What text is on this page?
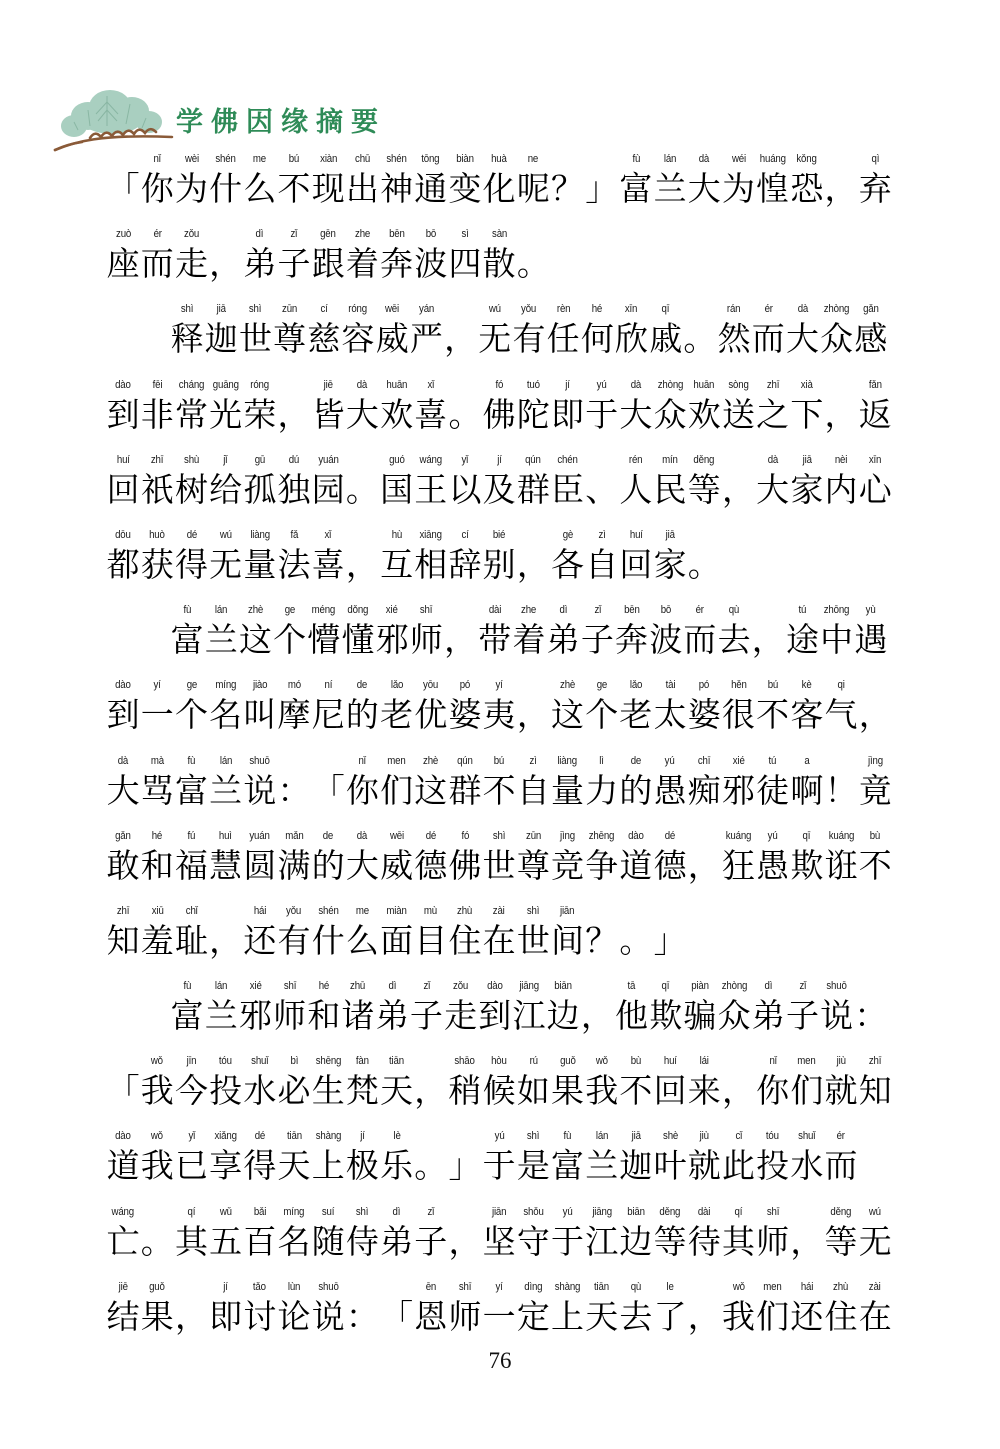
学佛因缘摘要

「
nǐ
你
wèi
为
shén
什
me
么
bú
不
xiàn
现
chū
出
shén
神
tōng
通
biàn
变
huà
化
ne
呢
？
」
fù
富
lán
兰
dà
大
wéi
为
huáng
惶
kǒng
恐
，
qì
弃
zuò
座
ér
而
zǒu
走
，
dì
弟
zǐ
子
gēn
跟
zhe
着
bēn
奔
bō
波
sì
四
sàn
散
。
shì
释
jiā
迦
shì
世
zūn
尊
cí
慈
róng
容
wēi
威
yán
严
，
wú
无
yǒu
有
rèn
任
hé
何
xīn
欣
qī
戚
。
rán
然
ér
而
dà
大
zhòng
众
gǎn
感
dào
到
fēi
非
cháng
常
guāng
光
róng
荣
，
jiē
皆
dà
大
huān
欢
xǐ
喜
。
fó
佛
tuó
陀
jí
即
yú
于
dà
大
zhòng
众
huān
欢
sòng
送
zhī
之
xià
下
，
fǎn
返
huí
回
zhī
祇
shù
树
jǐ
给
gū
孤
dú
独
yuán
园
。
guó
国
wáng
王
yǐ
以
jí
及
qún
群
chén
臣
、
rén
人
mín
民
děng
等
，
dà
大
jiā
家
nèi
内
xīn
心
dōu
都
huò
获
dé
得
wú
无
liàng
量
fǎ
法
xǐ
喜
，
hù
互
xiāng
相
cí
辞
bié
别
，
gè
各
zì
自
huí
回
jiā
家
。
fù
富
lán
兰
zhè
这
ge
个
méng
懵
dǒng
懂
xié
邪
shī
师
，
dài
带
zhe
着
dì
弟
zǐ
子
bēn
奔
bō
波
ér
而
qù
去
，
tú
途
zhōng
中
yù
遇
dào
到
yí
一
ge
个
míng
名
jiào
叫
mó
摩
ní
尼
de
的
lǎo
老
yōu
优
pó
婆
yí
夷
，
zhè
这
ge
个
lǎo
老
tài
太
pó
婆
hěn
很
bú
不
kè
客
qi
气
，
dà
大
mà
骂
fù
富
lán
兰
shuō
说
：
「
nǐ
你
men
们
zhè
这
qún
群
bú
不
zì
自
liàng
量
lì
力
de
的
yú
愚
chī
痴
xié
邪
tú
徒
a
啊
！
jìng
竟
gǎn
敢
hé
和
fú
福
huì
慧
yuán
圆
mǎn
满
de
的
dà
大
wēi
威
dé
德
fó
佛
shì
世
zūn
尊
jìng
竞
zhēng
争
dào
道
dé
德
，
kuáng
狂
yú
愚
qī
欺
kuáng
诳
bù
不
zhī
知
xiū
羞
chǐ
耻
，
hái
还
yǒu
有
shén
什
me
么
miàn
面
mù
目
zhù
住
zài
在
shì
世
jiān
间
？
。
」
fù
富
lán
兰
xié
邪
shī
师
hé
和
zhū
诸
dì
弟
zǐ
子
zǒu
走
dào
到
jiāng
江
biān
边
，
tā
他
qī
欺
piàn
骗
zhòng
众
dì
弟
zǐ
子
shuō
说
：

「
wǒ
我
jīn
今
tóu
投
shuǐ
水
bì
必
shēng
生
fàn
梵
tiān
天
，
shāo
稍
hòu
候
rú
如
guǒ
果
wǒ
我
bù
不
huí
回
lái
来
，
nǐ
你
men
们
jiù
就
zhī
知
dào
道
wǒ
我
yǐ
已
xiǎng
享
dé
得
tiān
天
shàng
上
jí
极
lè
乐
。
」
yú
于
shì
是
fù
富
lán
兰
jiā
迦
shè
叶
jiù
就
cǐ
此
tóu
投
shuǐ
水
ér
而
wáng
亡
。
qí
其
wǔ
五
bǎi
百
míng
名
suí
随
shì
侍
dì
弟
zǐ
子
，
jiān
坚
shǒu
守
yú
于
jiāng
江
biān
边
děng
等
dài
待
qí
其
shī
师
，
děng
等
wú
无
jiē
结
guǒ
果
，
jí
即
tǎo
讨
lùn
论
shuō
说
：
「
ēn
恩
shī
师
yí
一
dìng
定
shàng
上
tiān
天
qù
去
le
了
，
wǒ
我
men
们
hái
还
zhù
住
zài
在
76
